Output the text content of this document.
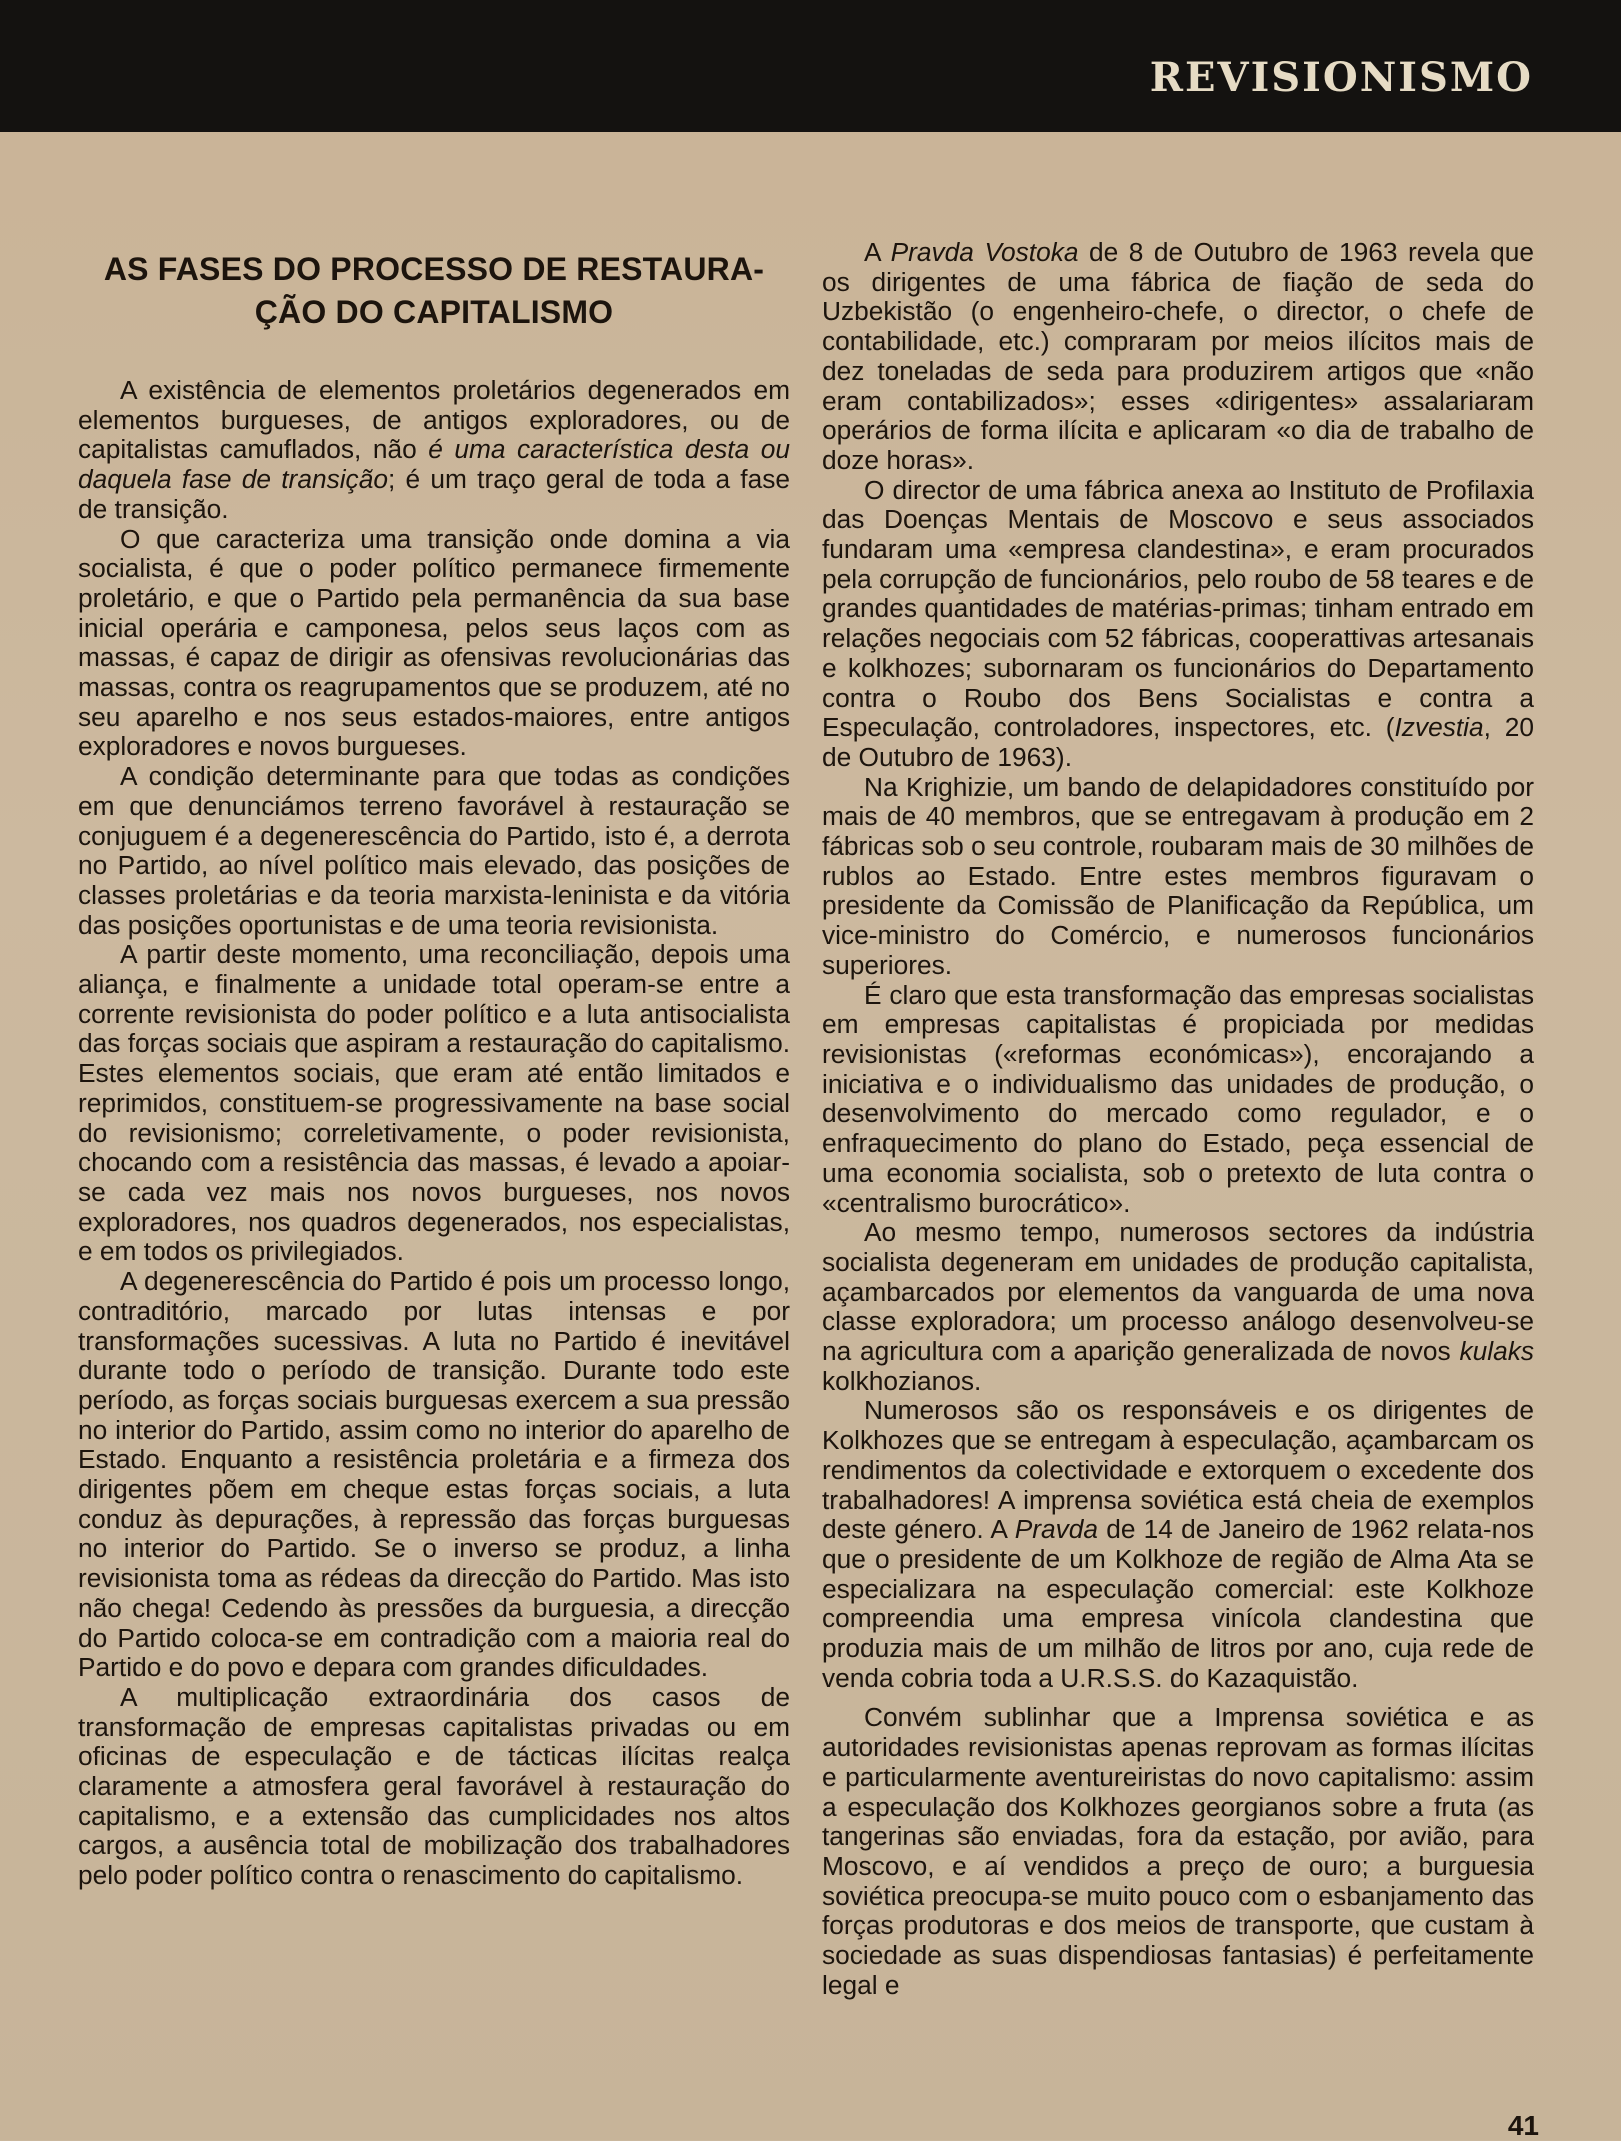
REVISIONISMO
AS FASES DO PROCESSO DE RESTAURA-
ÇÃO DO CAPITALISMO

A existência de elementos proletários degenerados em elementos burgueses, de antigos exploradores, ou de capitalistas camuflados, não é uma característica desta ou daquela fase de transição; é um traço geral de toda a fase de transição.

O que caracteriza uma transição onde domina a via socialista, é que o poder político permanece firmemente proletário, e que o Partido pela permanência da sua base inicial operária e camponesa, pelos seus laços com as massas, é capaz de dirigir as ofensivas revolucionárias das massas, contra os reagrupamentos que se produzem, até no seu aparelho e nos seus estados-maiores, entre antigos exploradores e novos burgueses.

A condição determinante para que todas as condições em que denunciámos terreno favorável à restauração se conjuguem é a degenerescência do Partido, isto é, a derrota no Partido, ao nível político mais elevado, das posições de classes proletárias e da teoria marxista-leninista e da vitória das posições oportunistas e de uma teoria revisionista.

A partir deste momento, uma reconciliação, depois uma aliança, e finalmente a unidade total operam-se entre a corrente revisionista do poder político e a luta antisocialista das forças sociais que aspiram a restauração do capitalismo. Estes elementos sociais, que eram até então limitados e reprimidos, constituem-se progressivamente na base social do revisionismo; correletivamente, o poder revisionista, chocando com a resistência das massas, é levado a apoiar-se cada vez mais nos novos burgueses, nos novos exploradores, nos quadros degenerados, nos especialistas, e em todos os privilegiados.

A degenerescência do Partido é pois um processo longo, contraditório, marcado por lutas intensas e por transformações sucessivas. A luta no Partido é inevitável durante todo o período de transição. Durante todo este período, as forças sociais burguesas exercem a sua pressão no interior do Partido, assim como no interior do aparelho de Estado. Enquanto a resistência proletária e a firmeza dos dirigentes põem em cheque estas forças sociais, a luta conduz às depurações, à repressão das forças burguesas no interior do Partido. Se o inverso se produz, a linha revisionista toma as rédeas da direcção do Partido. Mas isto não chega! Cedendo às pressões da burguesia, a direcção do Partido coloca-se em contradição com a maioria real do Partido e do povo e depara com grandes dificuldades.

A multiplicação extraordinária dos casos de transformação de empresas capitalistas privadas ou em oficinas de especulação e de tácticas ilícitas realça claramente a atmosfera geral favorável à restauração do capitalismo, e a extensão das cumplicidades nos altos cargos, a ausência total de mobilização dos trabalhadores pelo poder político contra o renascimento do capitalismo.

A Pravda Vostoka de 8 de Outubro de 1963 revela que os dirigentes de uma fábrica de fiação de seda do Uzbekistão (o engenheiro-chefe, o director, o chefe de contabilidade, etc.) compraram por meios ilícitos mais de dez toneladas de seda para produzirem artigos que «não eram contabilizados»; esses «dirigentes» assalariaram operários de forma ilícita e aplicaram «o dia de trabalho de doze horas».

O director de uma fábrica anexa ao Instituto de Profilaxia das Doenças Mentais de Moscovo e seus associados fundaram uma «empresa clandestina», e eram procurados pela corrupção de funcionários, pelo roubo de 58 teares e de grandes quantidades de matérias-primas; tinham entrado em relações negociais com 52 fábricas, cooperattivas artesanais e kolkhozes; subornaram os funcionários do Departamento contra o Roubo dos Bens Socialistas e contra a Especulação, controladores, inspectores, etc. (Izvestia, 20 de Outubro de 1963).

Na Krighizie, um bando de delapidadores constituído por mais de 40 membros, que se entregavam à produção em 2 fábricas sob o seu controle, roubaram mais de 30 milhões de rublos ao Estado. Entre estes membros figuravam o presidente da Comissão de Planificação da República, um vice-ministro do Comércio, e numerosos funcionários superiores.

É claro que esta transformação das empresas socialistas em empresas capitalistas é propiciada por medidas revisionistas («reformas económicas»), encorajando a iniciativa e o individualismo das unidades de produção, o desenvolvimento do mercado como regulador, e o enfraquecimento do plano do Estado, peça essencial de uma economia socialista, sob o pretexto de luta contra o «centralismo burocrático».

Ao mesmo tempo, numerosos sectores da indústria socialista degeneram em unidades de produção capitalista, açambarcados por elementos da vanguarda de uma nova classe exploradora; um processo análogo desenvolveu-se na agricultura com a aparição generalizada de novos kulaks kolkhozianos.

Numerosos são os responsáveis e os dirigentes de Kolkhozes que se entregam à especulação, açambarcam os rendimentos da colectividade e extorquem o excedente dos trabalhadores! A imprensa soviética está cheia de exemplos deste género. A Pravda de 14 de Janeiro de 1962 relata-nos que o presidente de um Kolkhoze de região de Alma Ata se especializara na especulação comercial: este Kolkhoze compreendia uma empresa vinícola clandestina que produzia mais de um milhão de litros por ano, cuja rede de venda cobria toda a U.R.S.S. do Kazaquistão.

Convém sublinhar que a Imprensa soviética e as autoridades revisionistas apenas reprovam as formas ilícitas e particularmente aventureiristas do novo capitalismo: assim a especulação dos Kolkhozes georgianos sobre a fruta (as tangerinas são enviadas, fora da estação, por avião, para Moscovo, e aí vendidos a preço de ouro; a burguesia soviética preocupa-se muito pouco com o esbanjamento das forças produtoras e dos meios de transporte, que custam à sociedade as suas dispendiosas fantasias) é perfeitamente legal e

41
